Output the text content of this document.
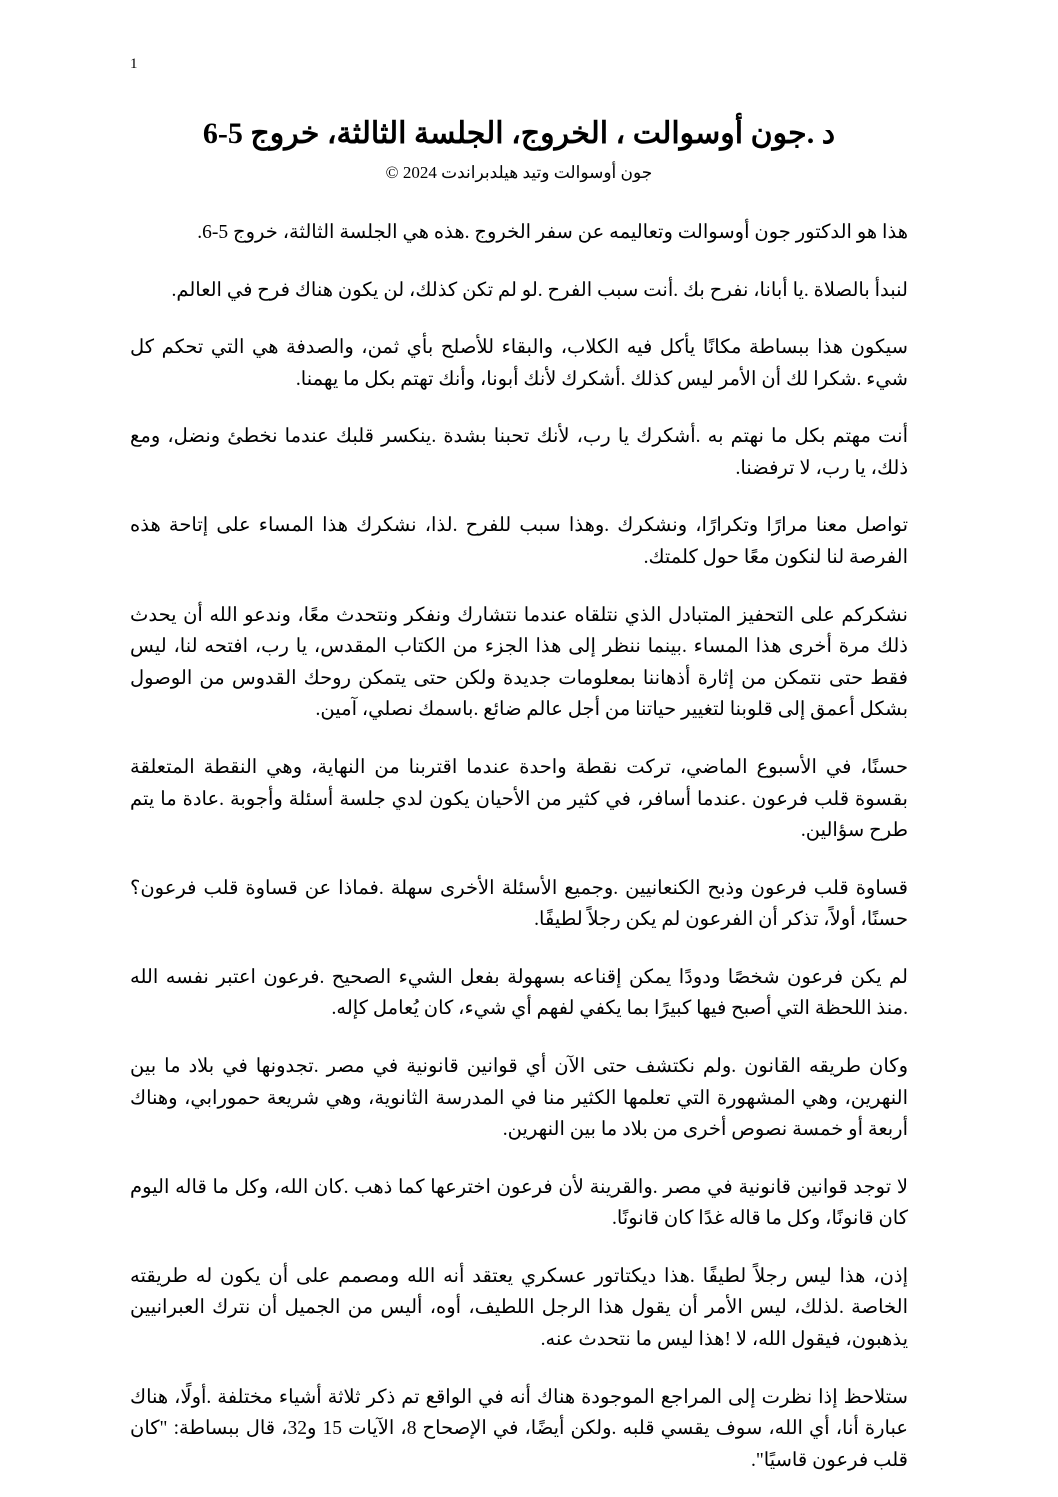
1
د .جون أوسوالت ، الخروج، الجلسة الثالثة، خروج 5-6
جون أوسوالت وتيد هيلدبراندت 2024 ©

هذا هو الدكتور جون أوسوالت وتعاليمه عن سفر الخروج .هذه هي الجلسة الثالثة، خروج 5-6.

لنبدأ بالصلاة .يا أبانا، نفرح بك .أنت سبب الفرح .لو لم تكن كذلك، لن يكون هناك فرح في العالم.

سيكون هذا ببساطة مكانًا يأكل فيه الكلاب، والبقاء للأصلح بأي ثمن، والصدفة هي التي تحكم كل شيء .شكرا لك أن الأمر ليس كذلك .أشكرك لأنك أبونا، وأنك تهتم بكل ما يهمنا.

أنت مهتم بكل ما نهتم به .أشكرك يا رب، لأنك تحبنا بشدة .ينكسر قلبك عندما نخطئ ونضل، ومع ذلك، يا رب، لا ترفضنا.

تواصل معنا مرارًا وتكرارًا، ونشكرك .وهذا سبب للفرح .لذا، نشكرك هذا المساء على إتاحة هذه الفرصة لنا لنكون معًا حول كلمتك.

نشكركم على التحفيز المتبادل الذي نتلقاه عندما نتشارك ونفكر ونتحدث معًا، وندعو الله أن يحدث ذلك مرة أخرى هذا المساء .بينما ننظر إلى هذا الجزء من الكتاب المقدس، يا رب، افتحه لنا، ليس فقط حتى نتمكن من إثارة أذهاننا بمعلومات جديدة ولكن حتى يتمكن روحك القدوس من الوصول بشكل أعمق إلى قلوبنا لتغيير حياتنا من أجل عالم ضائع .باسمك نصلي، آمين.

حسنًا، في الأسبوع الماضي، تركت نقطة واحدة عندما اقتربنا من النهاية، وهي النقطة المتعلقة بقسوة قلب فرعون .عندما أسافر، في كثير من الأحيان يكون لدي جلسة أسئلة وأجوبة .عادة ما يتم طرح سؤالين.

قساوة قلب فرعون وذبح الكنعانيين .وجميع الأسئلة الأخرى سهلة .فماذا عن قساوة قلب فرعون؟ حسنًا، أولاً، تذكر أن الفرعون لم يكن رجلاً لطيفًا.

لم يكن فرعون شخصًا ودودًا يمكن إقناعه بسهولة بفعل الشيء الصحيح .فرعون اعتبر نفسه الله .منذ اللحظة التي أصبح فيها كبيرًا بما يكفي لفهم أي شيء، كان يُعامل كإله.

وكان طريقه القانون .ولم نكتشف حتى الآن أي قوانين قانونية في مصر .تجدونها في بلاد ما بين النهرين، وهي المشهورة التي تعلمها الكثير منا في المدرسة الثانوية، وهي شريعة حمورابي، وهناك أربعة أو خمسة نصوص أخرى من بلاد ما بين النهرين.

لا توجد قوانين قانونية في مصر .والقرينة لأن فرعون اخترعها كما ذهب .كان الله، وكل ما قاله اليوم كان قانونًا، وكل ما قاله غدًا كان قانونًا.

إذن، هذا ليس رجلاً لطيفًا .هذا ديكتاتور عسكري يعتقد أنه الله ومصمم على أن يكون له طريقته الخاصة .لذلك، ليس الأمر أن يقول هذا الرجل اللطيف، أوه، أليس من الجميل أن نترك العبرانيين يذهبون، فيقول الله، لا !هذا ليس ما نتحدث عنه.

ستلاحظ إذا نظرت إلى المراجع الموجودة هناك أنه في الواقع تم ذكر ثلاثة أشياء مختلفة .أولًا، هناك عبارة أنا، أي الله، سوف يقسي قلبه .ولكن أيضًا، في الإصحاح 8، الآيات 15 و32، قال ببساطة: "كان قلب فرعون قاسيًا".
